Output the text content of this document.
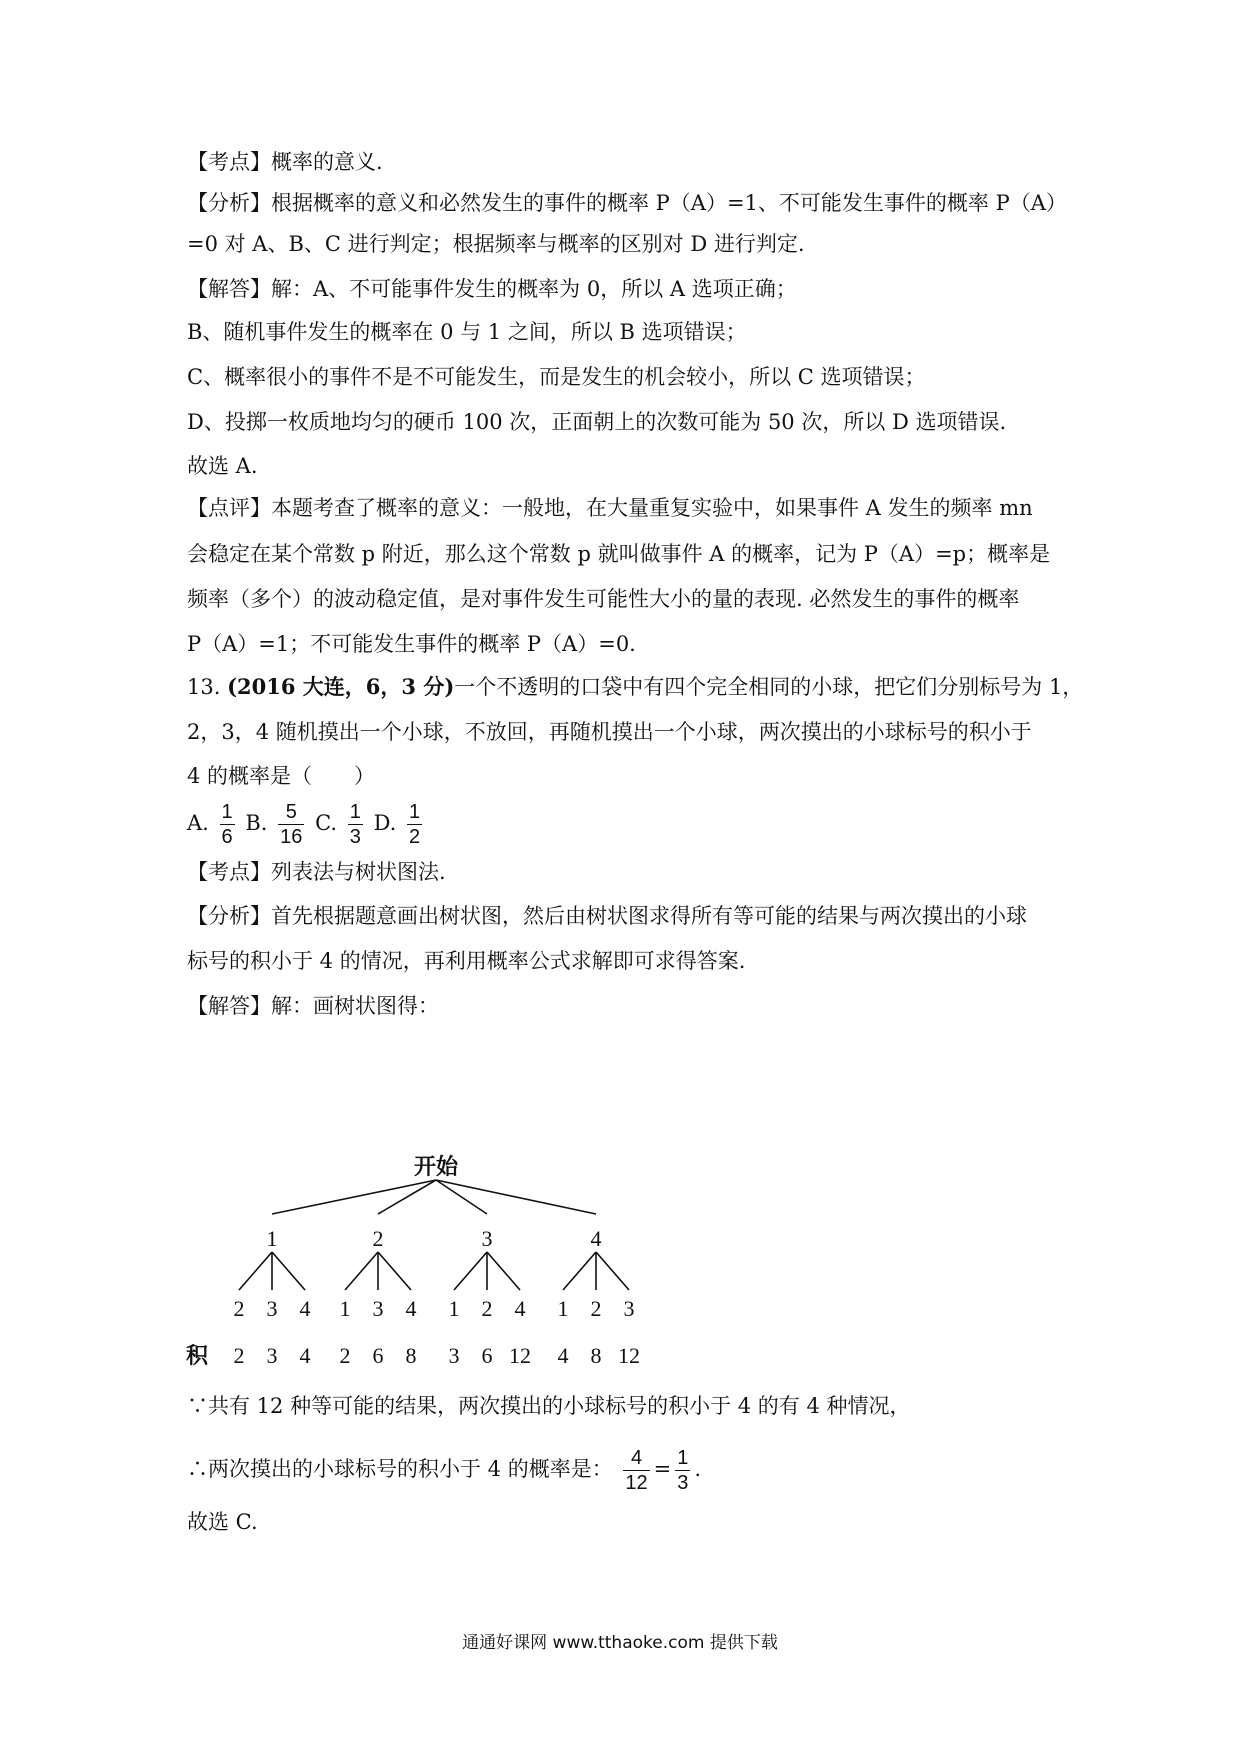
【考点】概率的意义.
【分析】根据概率的意义和必然发生的事件的概率 P（A）=1、不可能发生事件的概率 P（A）
=0 对 A、B、C 进行判定；根据频率与概率的区别对 D 进行判定.
【解答】解：A、不可能事件发生的概率为 0，所以 A 选项正确；
B、随机事件发生的概率在 0 与 1 之间，所以 B 选项错误；
C、概率很小的事件不是不可能发生，而是发生的机会较小，所以 C 选项错误；
D、投掷一枚质地均匀的硬币 100 次，正面朝上的次数可能为 50 次，所以 D 选项错误.
故选 A.
【点评】本题考查了概率的意义：一般地，在大量重复实验中，如果事件 A 发生的频率 mn
会稳定在某个常数 p 附近，那么这个常数 p 就叫做事件 A 的概率，记为 P（A）=p；概率是
频率（多个）的波动稳定值，是对事件发生可能性大小的量的表现. 必然发生的事件的概率
P（A）=1；不可能发生事件的概率 P（A）=0.
13. (2016 大连，6，3 分)一个不透明的口袋中有四个完全相同的小球，把它们分别标号为 1，
2，3，4 随机摸出一个小球，不放回，再随机摸出一个小球，两次摸出的小球标号的积小于
4 的概率是（　　）
A. $\frac{1}{6} B$. $\frac{5}{16} C$. $\frac{1}{3} D$. $\frac{1}{2}$
【考点】列表法与树状图法.
【分析】首先根据题意画出树状图，然后由树状图求得所有等可能的结果与两次摸出的小球
标号的积小于 4 的情况，再利用概率公式求解即可求得答案.
【解答】解：画树状图得：
开始
积
1
2
2
3
3
4
4
2
1
2
3
6
4
8
3
1
3
2
6
4
12
4
1
4
2
8
3
12
∵共有 12 种等可能的结果，两次摸出的小球标号的积小于 4 的有 4 种情况，
∴两次摸出的小球标号的积小于 4 的概率是： $\frac{4}{12} = \frac{1}{3}$ .
故选 C.
通通好课网 www.tthaoke.com 提供下载
